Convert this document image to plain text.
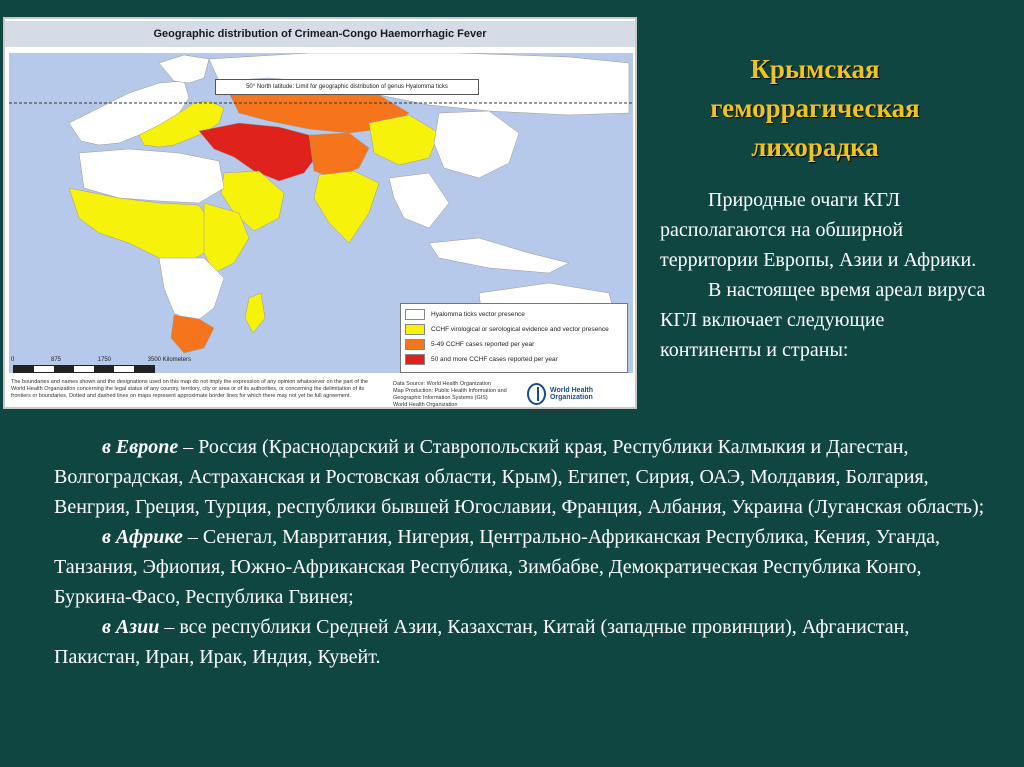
Geographic distribution of Crimean-Congo Haemorrhagic Fever
50° North latitude: Limit for geographic distribution of genus Hyalomma ticks
Hyalomma ticks vector presence
CCHF virological or serological evidence and vector presence
5-49 CCHF cases reported per year
50 and more CCHF cases reported per year
0	875	1750	3500 Kilometers
The boundaries and names shown and the designations used on this map do not imply the expression of any opinion whatsoever on the part of the World Health Organization concerning the legal status of any country, territory, city or area or of its authorities, or concerning the delimitation of its frontiers or boundaries. Dotted and dashed lines on maps represent approximate border lines for which there may not yet be full agreement.
Data Source: World Health Organization
Map Production: Public Health Information and Geographic Information Systems (GIS)
World Health Organization
World Health Organization
© WHO 2012. All rights reserved.
Крымская геморрагическая лихорадка

Природные очаги КГЛ располагаются на обширной территории Европы, Азии и Африки.

В настоящее время ареал вируса КГЛ включает следующие континенты и страны:

в Европе – Россия (Краснодарский и Ставропольский края, Республики Калмыкия и Дагестан, Волгоградская, Астраханская и Ростовская области, Крым), Египет, Сирия, ОАЭ, Молдавия, Болгария, Венгрия, Греция, Турция, республики бывшей Югославии, Франция, Албания, Украина (Луганская область);

в Африке – Сенегал, Мавритания, Нигерия, Центрально-Африканская Республика, Кения, Уганда, Танзания, Эфиопия, Южно-Африканская Республика, Зимбабве, Демократическая Республика Конго, Буркина-Фасо, Республика Гвинея;

в Азии – все республики Средней Азии, Казахстан, Китай (западные провинции), Афганистан, Пакистан, Иран, Ирак, Индия, Кувейт.
